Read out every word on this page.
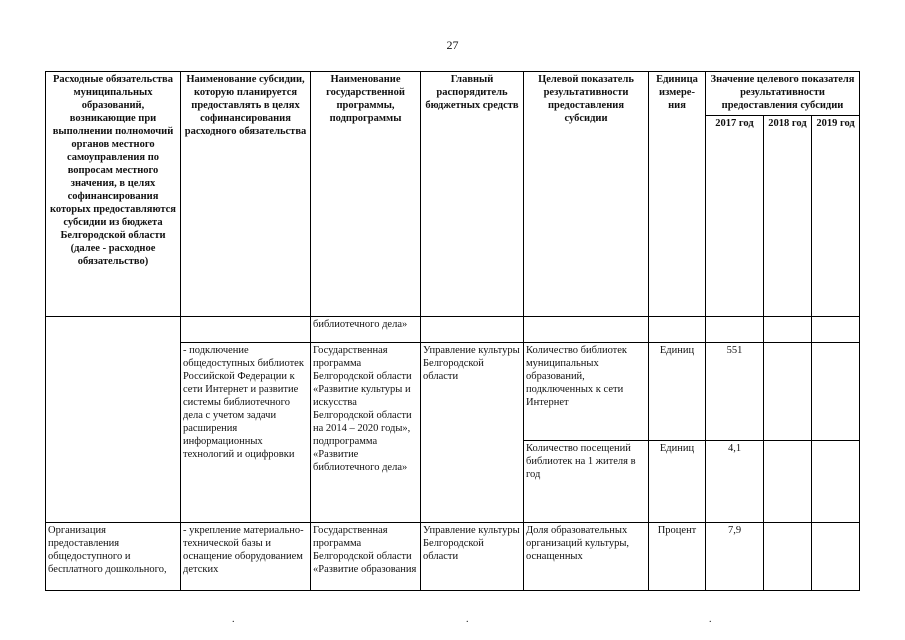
27
Расходные обязательства муниципальных образований, возникающие при выполнении полномочий органов местного самоуправления по вопросам местного значения, в целях софинансирования которых предоставляются субсидии из бюджета Белгородской области (далее - расходное обязательство)	Наименование субсидии, которую планируется предоставлять в целях софинансирования расходного обязательства	Наименование государственной программы, подпрограммы	Главный распорядитель бюджетных средств	Целевой показатель результативности предоставления субсидии	Единица измере-ния	Значение целевого показателя результативности предоставления субсидии		
						2017 год	2018 год	2019 год
		библиотечного дела»						
	- подключение общедоступных библиотек Российской Федерации к сети Интернет и развитие системы библиотечного дела с учетом задачи расширения информационных технологий и оцифровки	Государственная программа Белгородской области «Развитие культуры и искусства Белгородской области на 2014 – 2020 годы», подпрограмма «Развитие библиотечного дела»	Управление культуры Белгородской области	Количество библиотек муниципальных образований, подключенных к сети Интернет	Единиц	551		
				Количество посещений библиотек на 1 жителя в год	Единиц	4,1		
Организация предоставления общедоступного и бесплатного дошкольного,	- укрепление материально-технической базы и оснащение оборудованием детских	Государственная программа Белгородской области «Развитие образования	Управление культуры Белгородской области	Доля образовательных организаций культуры, оснащенных	Процент	7,9		
.	.	.
